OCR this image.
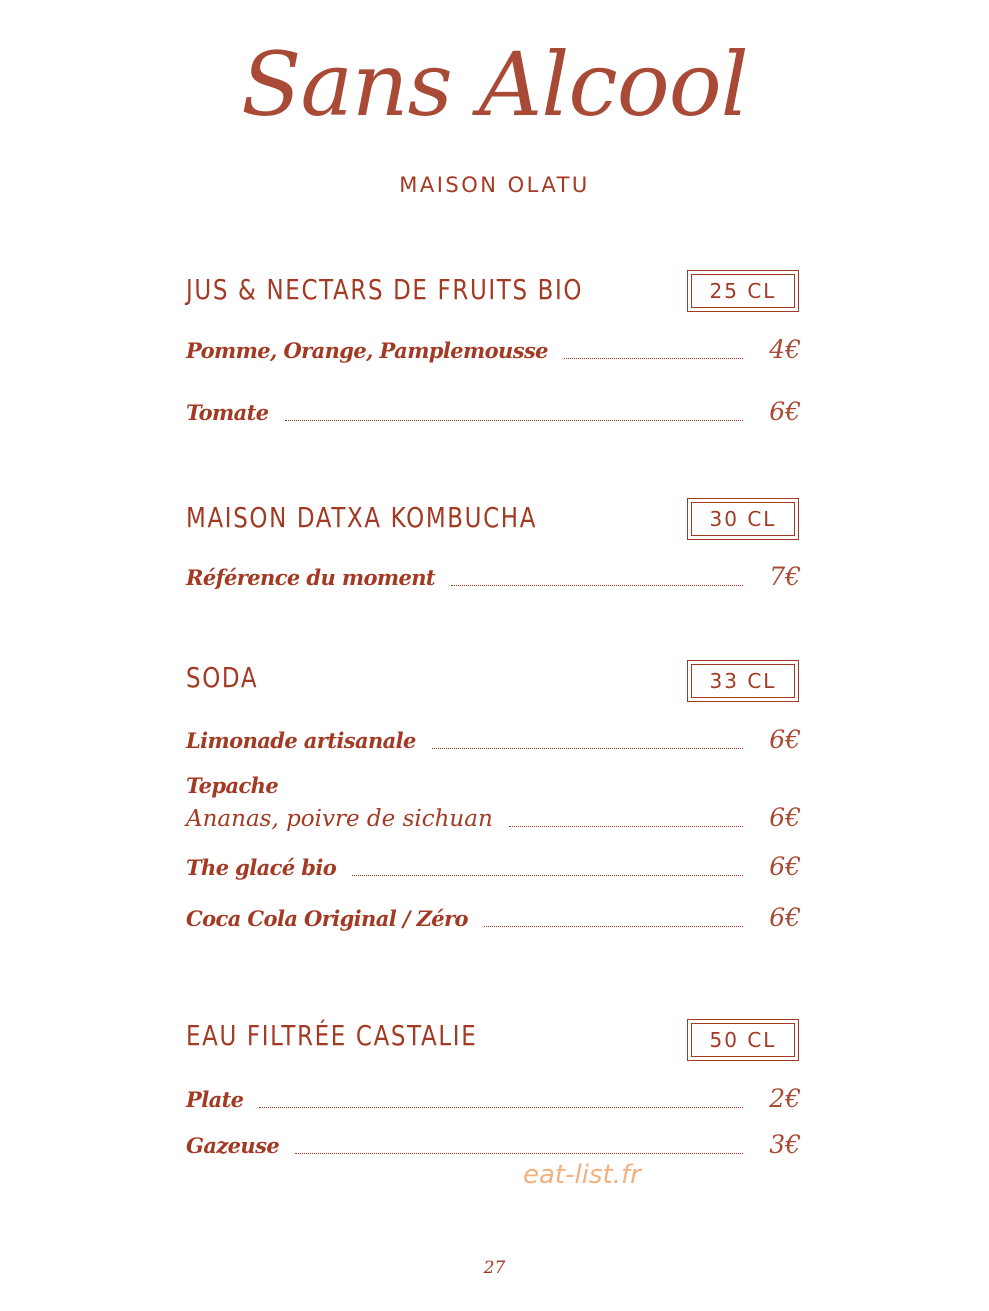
Sans Alcool
MAISON OLATU
JUS & NECTARS DE FRUITS BIO	25 CL
Pomme, Orange, Pamplemousse	4€
Tomate	6€
MAISON DATXA KOMBUCHA	30 CL
Référence du moment	7€
SODA	33 CL
Limonade artisanale	6€
Tepache
Ananas, poivre de sichuan	6€
The glacé bio	6€
Coca Cola Original / Zéro	6€
EAU FILTRÉE CASTALIE	50 CL
Plate	2€
Gazeuse	3€
eat-list.fr
27
